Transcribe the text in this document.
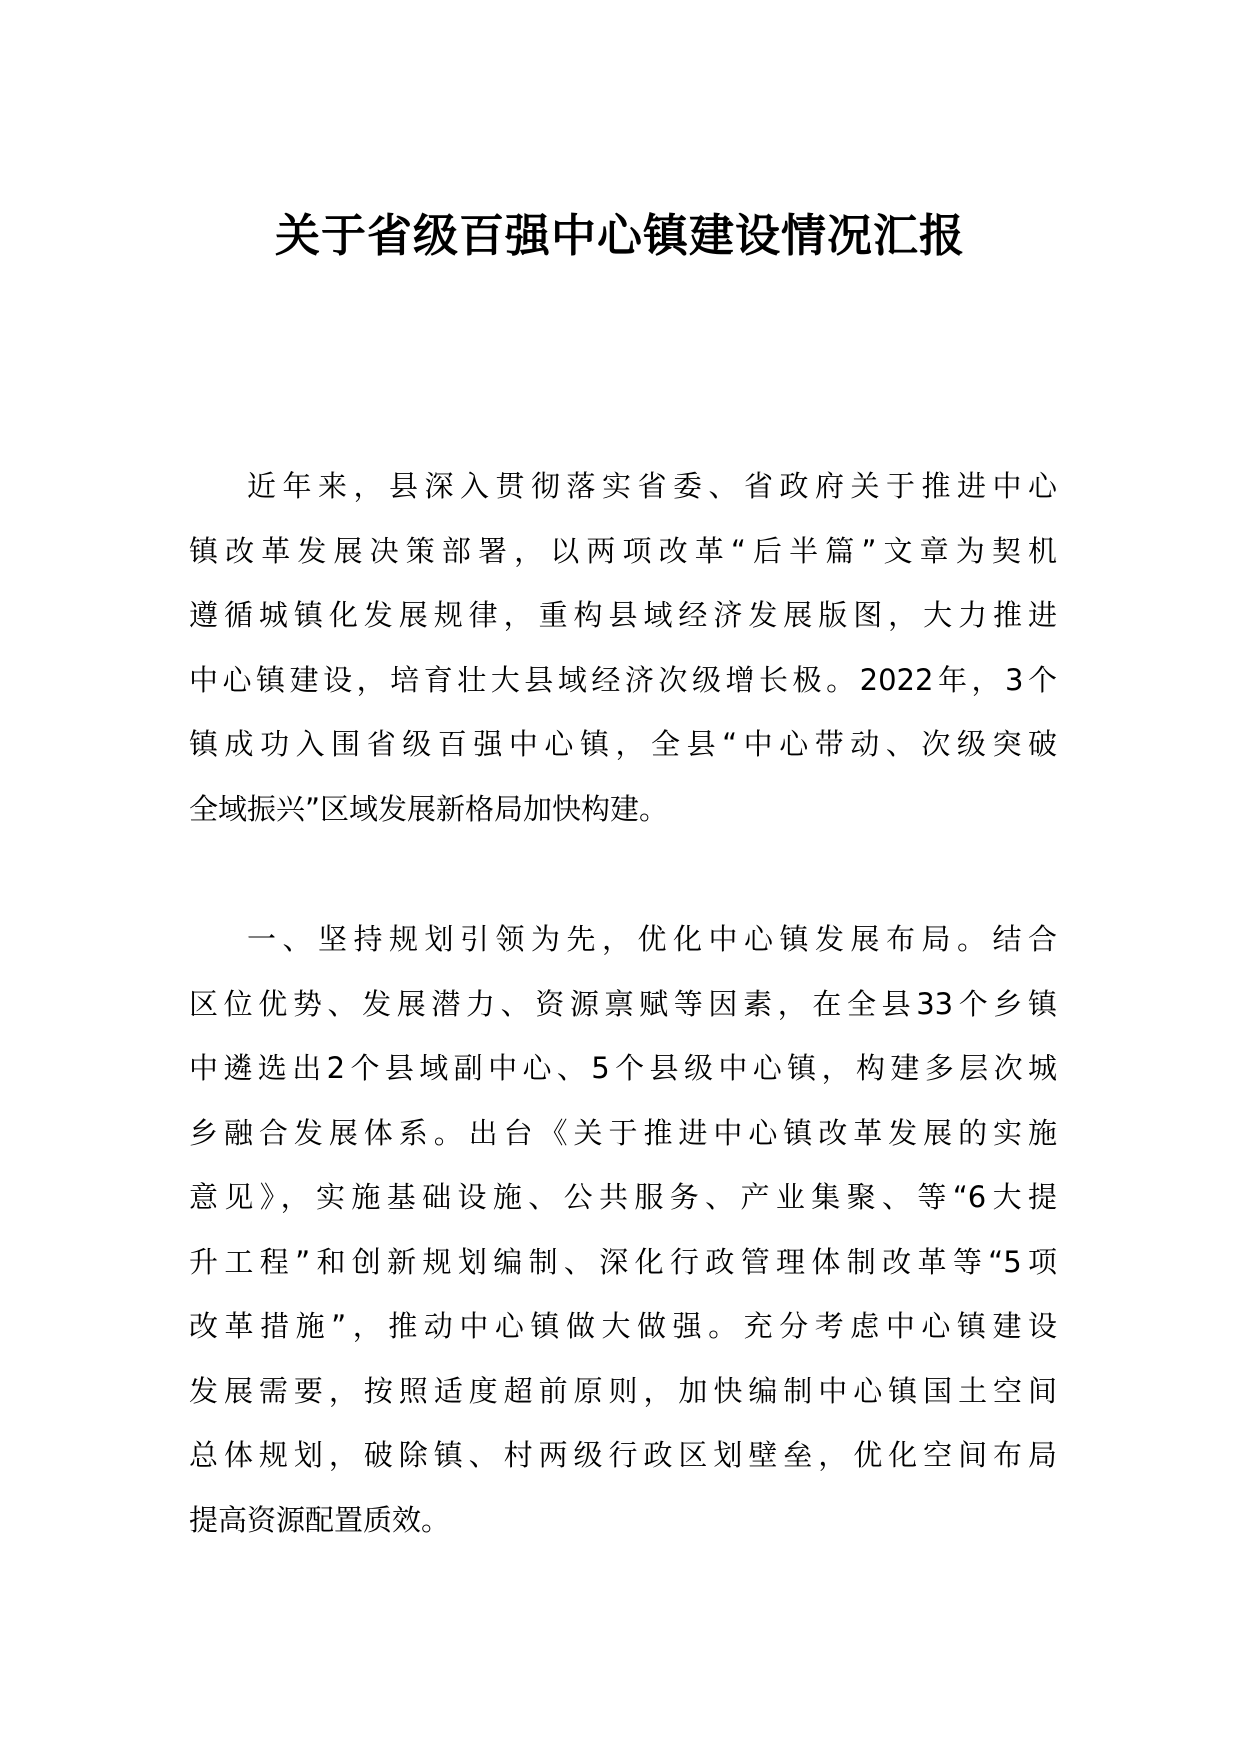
关于省级百强中心镇建设情况汇报
近年来，县深入贯彻落实省委、省政府关于推进中心
镇改革发展决策部署，以两项改革“后半篇”文章为契机
遵循城镇化发展规律，重构县域经济发展版图，大力推进
中心镇建设，培育壮大县域经济次级增长极。2022年，3个
镇成功入围省级百强中心镇，全县“中心带动、次级突破
全域振兴”区域发展新格局加快构建。
一、坚持规划引领为先，优化中心镇发展布局。结合
区位优势、发展潜力、资源禀赋等因素，在全县33个乡镇
中遴选出2个县域副中心、5个县级中心镇，构建多层次城
乡融合发展体系。出台《关于推进中心镇改革发展的实施
意见》，实施基础设施、公共服务、产业集聚、等“6大提
升工程”和创新规划编制、深化行政管理体制改革等“5项
改革措施”，推动中心镇做大做强。充分考虑中心镇建设
发展需要，按照适度超前原则，加快编制中心镇国土空间
总体规划，破除镇、村两级行政区划壁垒，优化空间布局
提高资源配置质效。
